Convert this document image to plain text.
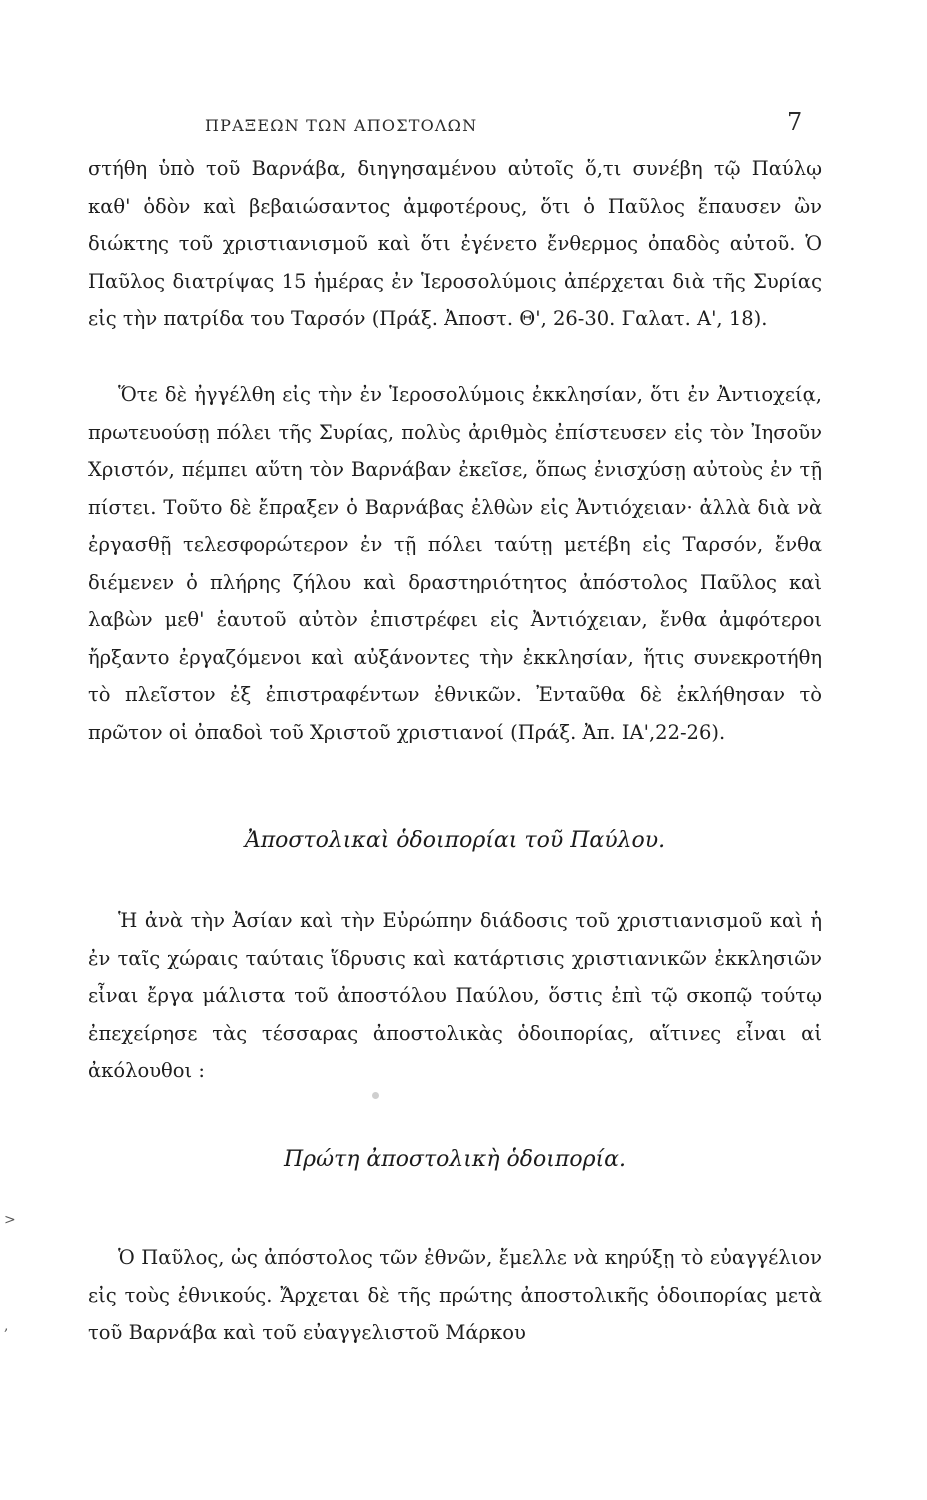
ΠΡΑΞΕΩΝ ΤΩΝ ΑΠΟΣΤΟΛΩΝ	7

στήθη ὑπὸ τοῦ Βαρνάβα, διηγησαμένου αὐτοῖς ὅ,τι συνέβη τῷ Παύλῳ καθ' ὁδὸν καὶ βεβαιώσαντος ἀμφοτέρους, ὅτι ὁ Παῦλος ἔπαυσεν ὢν διώκτης τοῦ χριστιανισμοῦ καὶ ὅτι ἐγένετο ἔνθερμος ὀπαδὸς αὐτοῦ. Ὁ Παῦλος διατρίψας 15 ἡμέρας ἐν Ἱεροσολύμοις ἀπέρχεται διὰ τῆς Συρίας εἰς τὴν πατρίδα του Ταρσόν (Πράξ. Ἀποστ. Θ', 26-30. Γαλατ. Α', 18).

Ὅτε δὲ ἠγγέλθη εἰς τὴν ἐν Ἱεροσολύμοις ἐκκλησίαν, ὅτι ἐν Ἀντιοχείᾳ, πρωτευούσῃ πόλει τῆς Συρίας, πολὺς ἀριθμὸς ἐπίστευσεν εἰς τὸν Ἰησοῦν Χριστόν, πέμπει αὕτη τὸν Βαρνάβαν ἐκεῖσε, ὅπως ἐνισχύσῃ αὐτοὺς ἐν τῇ πίστει. Τοῦτο δὲ ἔπραξεν ὁ Βαρνάβας ἐλθὼν εἰς Ἀντιόχειαν· ἀλλὰ διὰ νὰ ἐργασθῇ τελεσφορώτερον ἐν τῇ πόλει ταύτῃ μετέβη εἰς Ταρσόν, ἔνθα διέμενεν ὁ πλήρης ζήλου καὶ δραστηριότητος ἀπόστολος Παῦλος καὶ λαβὼν μεθ' ἑαυτοῦ αὐτὸν ἐπιστρέφει εἰς Ἀντιόχειαν, ἔνθα ἀμφότεροι ἤρξαντο ἐργαζόμενοι καὶ αὐξάνοντες τὴν ἐκκλησίαν, ἥτις συνεκροτήθη τὸ πλεῖστον ἐξ ἐπιστραφέντων ἐθνικῶν. Ἐνταῦθα δὲ ἐκλήθησαν τὸ πρῶτον οἱ ὀπαδοὶ τοῦ Χριστοῦ χριστιανοί (Πράξ. Ἀπ. ΙΑ',22-26).

Ἀποστολικαὶ ὁδοιπορίαι τοῦ Παύλου.

Ἡ ἀνὰ τὴν Ἀσίαν καὶ τὴν Εὐρώπην διάδοσις τοῦ χριστιανισμοῦ καὶ ἡ ἐν ταῖς χώραις ταύταις ἵδρυσις καὶ κατάρτισις χριστιανικῶν ἐκκλησιῶν εἶναι ἔργα μάλιστα τοῦ ἀποστόλου Παύλου, ὅστις ἐπὶ τῷ σκοπῷ τούτῳ ἐπεχείρησε τὰς τέσσαρας ἀποστολικὰς ὁδοιπορίας, αἵτινες εἶναι αἱ ἀκόλουθοι :

Πρώτη ἀποστολικὴ ὁδοιπορία.

Ὁ Παῦλος, ὡς ἀπόστολος τῶν ἐθνῶν, ἔμελλε νὰ κηρύξῃ τὸ εὐαγγέλιον εἰς τοὺς ἐθνικούς. Ἄρχεται δὲ τῆς πρώτης ἀποστολικῆς ὁδοιπορίας μετὰ τοῦ Βαρνάβα καὶ τοῦ εὐαγγελιστοῦ Μάρκου

>
,
